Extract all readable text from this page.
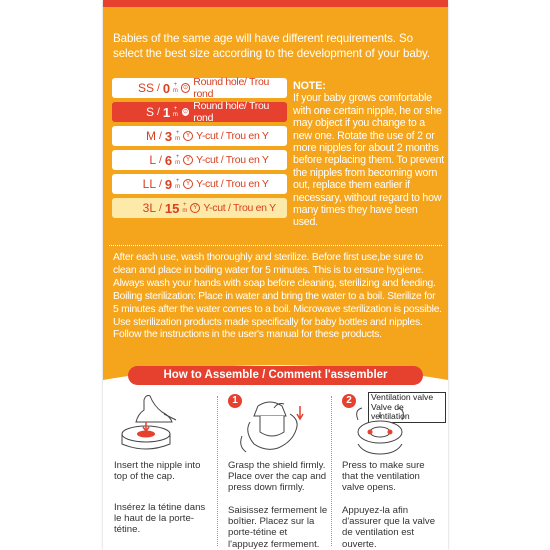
Babies of the same age will have different requirements. So select the best size according to the development of your baby.
SS / 0 +
m ⊙ Round hole/ Trou rond
S / 1 +
m ⊙ Round hole/ Trou rond
M / 3 +
m Y Y-cut / Trou en Y
L / 6 +
m Y Y-cut / Trou en Y
LL / 9 +
m Y Y-cut / Trou en Y
3L / 15 +
m Y Y-cut / Trou en Y
NOTE:
If your baby grows comfortable with one certain nipple, he or she may object if you change to a new one. Rotate the use of 2 or more nipples for about 2 months before replacing them. To prevent the nipples from becoming worn out, replace them earlier if necessary, without regard to how many times they have been used.
After each use, wash thoroughly and sterilize. Before first use,be sure to clean and place in boiling water for 5 minutes. This is to ensure hygiene. Always wash your hands with soap before cleaning, sterilizing and feeding.
Boiling sterilization: Place in water and bring the water to a boil. Sterilize for 5 minutes after the water comes to a boil. Microwave sterilization is possible. Use sterilization products made specifically for baby bottles and nipples. Follow the instructions in the user's manual for these products.
How to Assemble / Comment l'assembler
Insert the nipple into top of the cap.
Insérez la tétine dans le haut de la porte-tétine.
1
Grasp the shield firmly. Place over the cap and press down firmly.
Saisissez fermement le boîtier. Placez sur la porte-tétine et l'appuyez fermement.
2	Ventilation valve
Valve de ventilation
Press to make sure that the ventilation valve opens.
Appuyez-la afin d'assurer que la valve de ventilation est ouverte.
